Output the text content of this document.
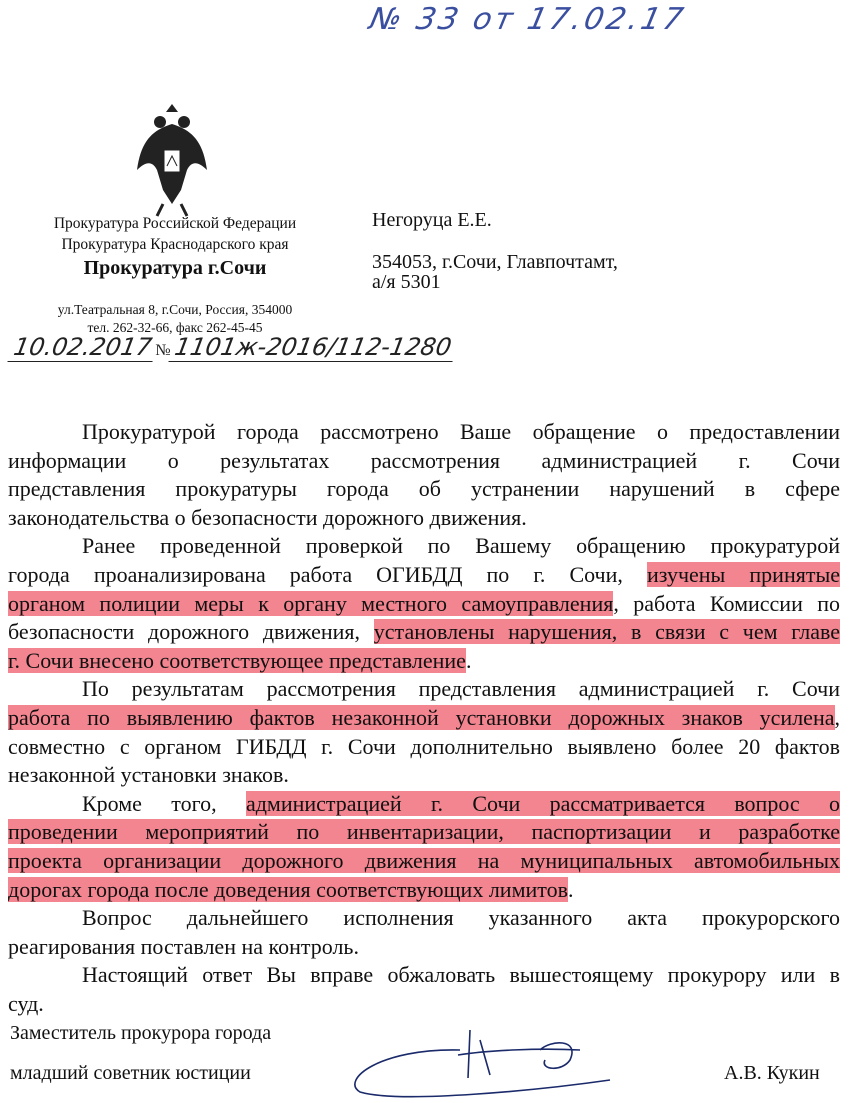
№ 33 от 17.02.17
Прокуратура Российской Федерации
Прокуратура Краснодарского края
Прокуратура г.Сочи
ул.Театральная 8, г.Сочи, Россия, 354000
тел. 262-32-66, факс 262-45-45
10.02.2017№1101ж-2016/112-1280
Негоруца Е.Е.
354053, г.Сочи, Главпочтамт,
а/я 5301
Прокуратурой города рассмотрено Ваше обращение о предоставлении
информации о результатах рассмотрения администрацией г. Сочи
представления прокуратуры города об устранении нарушений в сфере
законодательства о безопасности дорожного движения.
Ранее проведенной проверкой по Вашему обращению прокуратурой
города проанализирована работа ОГИБДД по г. Сочи, изучены принятые
органом полиции меры к органу местного самоуправления, работа Комиссии по
безопасности дорожного движения, установлены нарушения, в связи с чем главе
г. Сочи внесено соответствующее представление.
По результатам рассмотрения представления администрацией г. Сочи
работа по выявлению фактов незаконной установки дорожных знаков усилена,
совместно с органом ГИБДД г. Сочи дополнительно выявлено более 20 фактов
незаконной установки знаков.
Кроме того, администрацией г. Сочи рассматривается вопрос о
проведении мероприятий по инвентаризации, паспортизации и разработке
проекта организации дорожного движения на муниципальных автомобильных
дорогах города после доведения соответствующих лимитов.
Вопрос дальнейшего исполнения указанного акта прокурорского
реагирования поставлен на контроль.
Настоящий ответ Вы вправе обжаловать вышестоящему прокурору или в
суд.
Заместитель прокурора города
младший советник юстиции	А.В. Кукин
